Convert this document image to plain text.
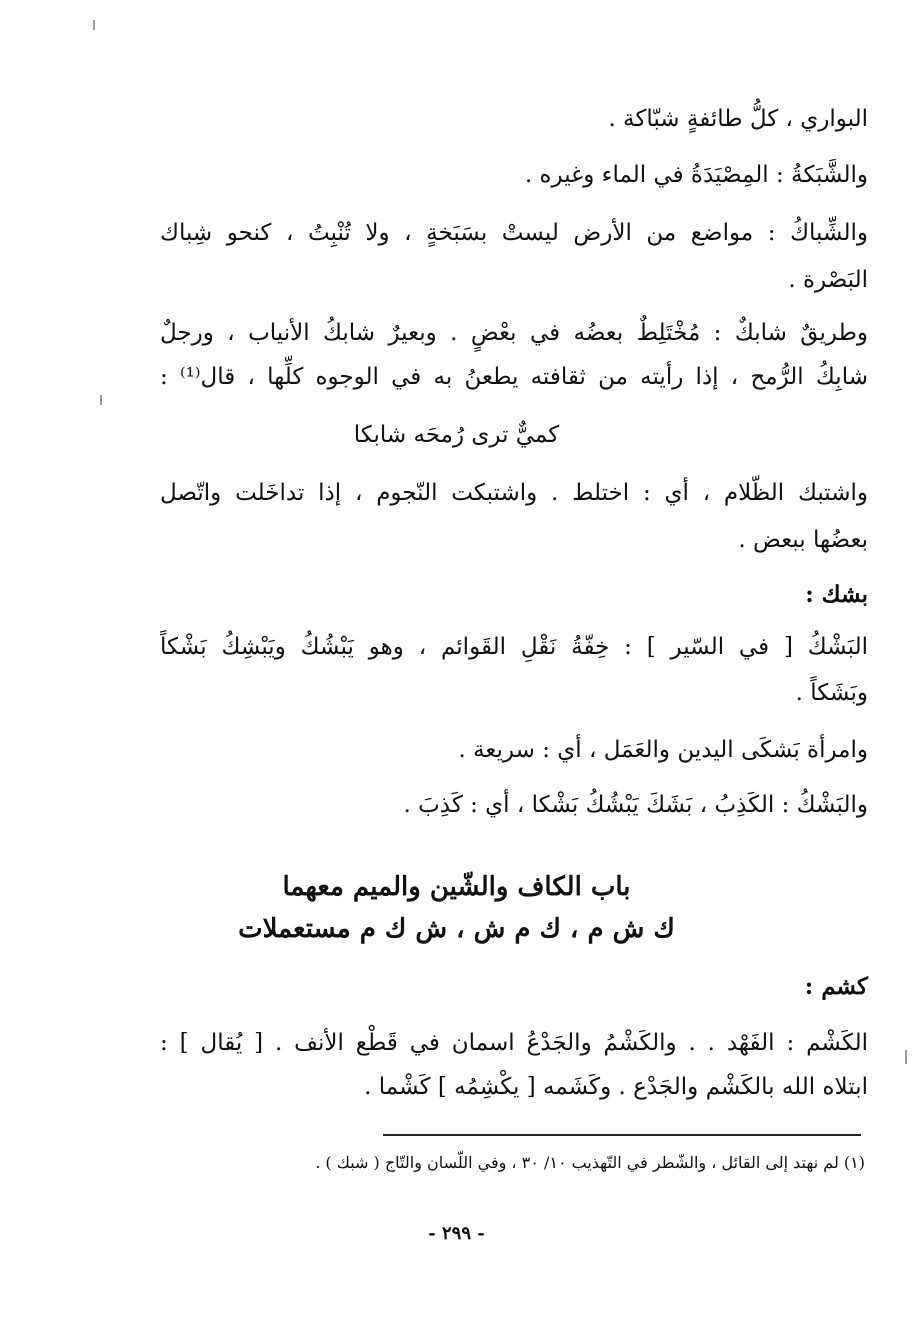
البواري ، كلُّ طائفةٍ شبّاكة .
والشَّبَكةُ : المِصْيَدَةُ في الماء وغيره .
والشِّباكُ : مواضع من الأرض ليستْ بسَبَخةٍ ، ولا تُنْبِتُ ، كنحو شِباك
البَصْرة .
وطريقٌ شابكٌ : مُخْتَلِطٌ بعضُه في بعْضٍ . وبعيرٌ شابكُ الأنياب ، ورجلٌ
شابِكُ الرُّمح ، إذا رأيته من ثقافته يطعنُ به في الوجوه كلِّها ، قال⁽¹⁾ :
كميٌّ ترى رُمحَه شابكا
واشتبك الظّلام ، أي : اختلط . واشتبكت النّجوم ، إذا تداخَلت واتّصل
بعضُها ببعض .
بشك :
البَشْكُ [ في السّير ] : خِفّةُ نَقْلِ القَوائم ، وهو يَبْشُكُ ويَبْشِكُ بَشْكاً
وبَشَكاً .
وامرأة بَشكَى اليدين والعَمَل ، أي : سريعة .
والبَشْكُ : الكَذِبُ ، بَشَكَ يَبْشُكُ بَشْكا ، أي : كَذِبَ .
باب الكاف والشّين والميم معهما
ك ش م ، ك م ش ، ش ك م مستعملات
كشم :
الكَشْم : الفَهْد . . والكَشْمُ والجَدْعُ اسمان في قَطْع الأنف . [ يُقال ] :
ابتلاه الله بالكَشْم والجَدْع . وكَشَمه [ يكْشِمُه ] كَشْما .
(١) لم نهتد إلى القائل ، والشّطر في التّهذيب ١٠/ ٣٠ ، وفي اللّسان والتّاج ( شبك ) .
- ٢٩٩ -
